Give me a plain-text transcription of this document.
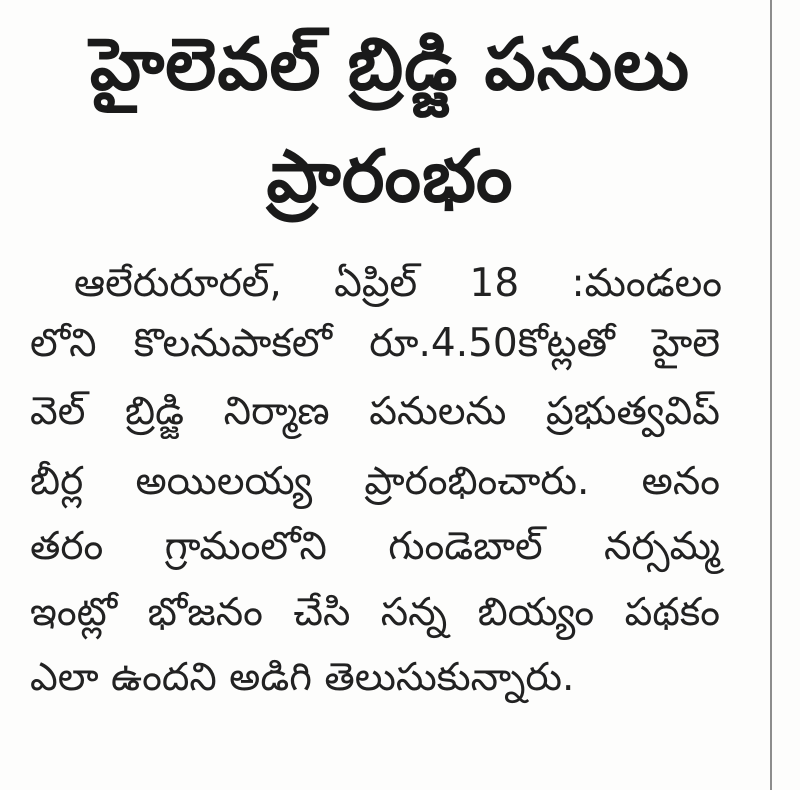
హైలెవల్ బ్రిడ్జి పనులు
ప్రారంభం
ఆలేరురూరల్, ఏప్రిల్ 18 :మండలం
లోని కొలనుపాకలో రూ.4.50కోట్లతో హైలె
వెల్ బ్రిడ్జి నిర్మాణ పనులను ప్రభుత్వవిప్
బీర్ల అయిలయ్య ప్రారంభించారు. అనం
తరం గ్రామంలోని గుండెబాల్ నర్సమ్మ
ఇంట్లో భోజనం చేసి సన్న బియ్యం పథకం
ఎలా ఉందని అడిగి తెలుసుకున్నారు.
